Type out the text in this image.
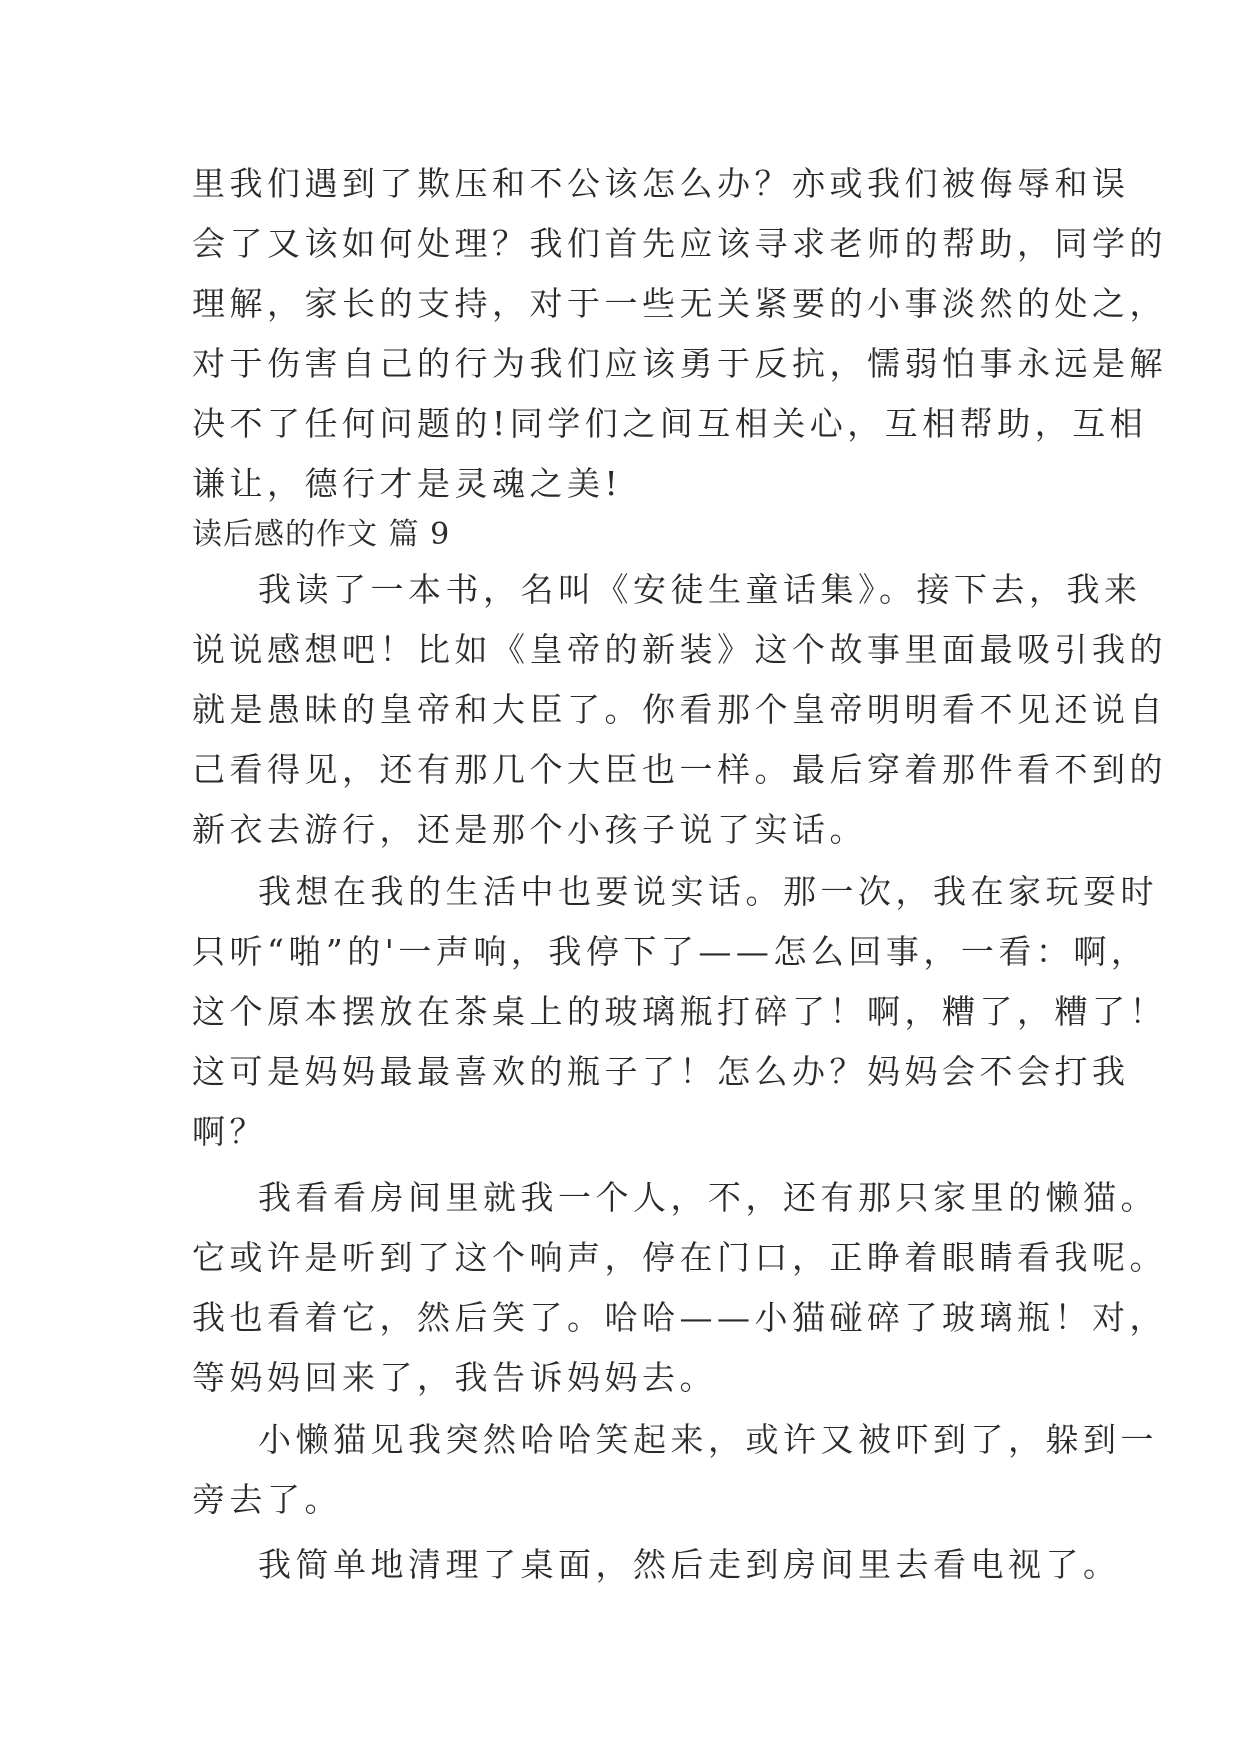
里我们遇到了欺压和不公该怎么办？亦或我们被侮辱和误
会了又该如何处理？我们首先应该寻求老师的帮助，同学的
理解，家长的支持，对于一些无关紧要的小事淡然的处之，
对于伤害自己的行为我们应该勇于反抗，懦弱怕事永远是解
决不了任何问题的!同学们之间互相关心，互相帮助，互相
谦让，德行才是灵魂之美!
读后感的作文 篇 9
我读了一本书，名叫《安徒生童话集》。接下去，我来
说说感想吧！比如《皇帝的新装》这个故事里面最吸引我的
就是愚昧的皇帝和大臣了。你看那个皇帝明明看不见还说自
己看得见，还有那几个大臣也一样。最后穿着那件看不到的
新衣去游行，还是那个小孩子说了实话。
我想在我的生活中也要说实话。那一次，我在家玩耍时
只听“啪”的'一声响，我停下了——怎么回事，一看：啊，
这个原本摆放在茶桌上的玻璃瓶打碎了！啊，糟了，糟了！
这可是妈妈最最喜欢的瓶子了！怎么办？妈妈会不会打我
啊？
我看看房间里就我一个人，不，还有那只家里的懒猫。
它或许是听到了这个响声，停在门口，正睁着眼睛看我呢。
我也看着它，然后笑了。哈哈——小猫碰碎了玻璃瓶！对，
等妈妈回来了，我告诉妈妈去。
小懒猫见我突然哈哈笑起来，或许又被吓到了，躲到一
旁去了。
我简单地清理了桌面，然后走到房间里去看电视了。
